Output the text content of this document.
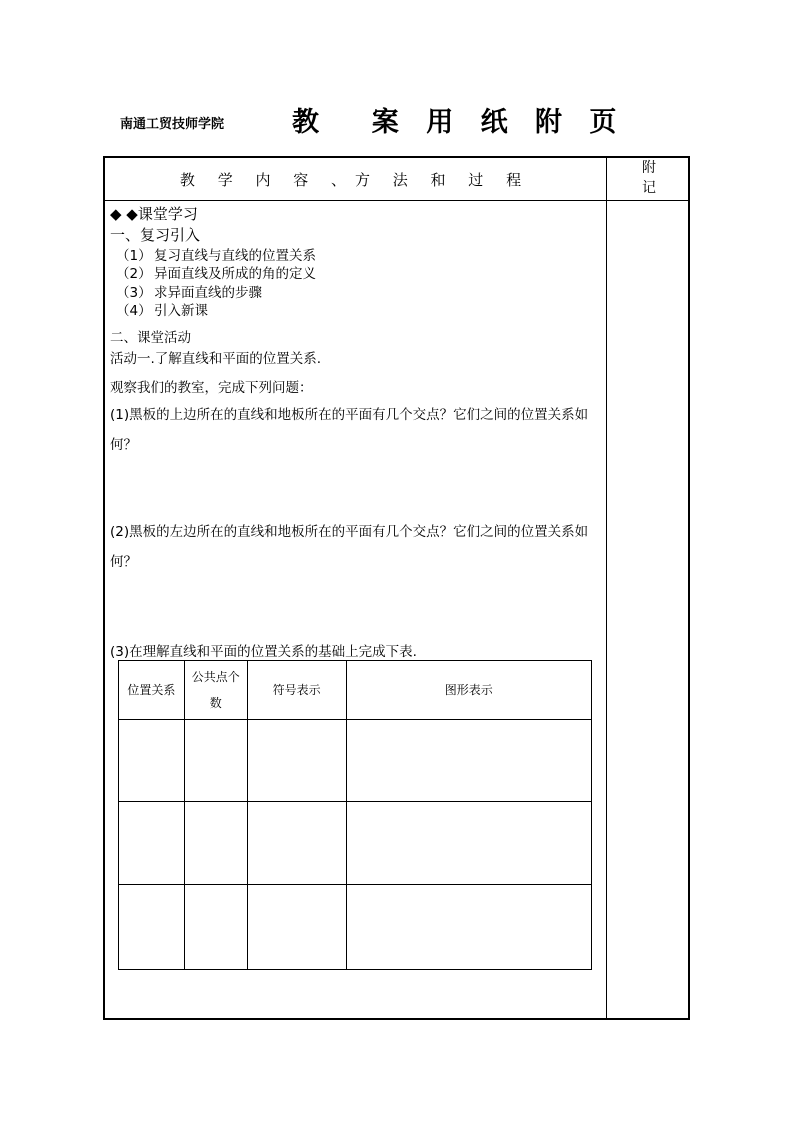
南通工贸技师学院	教  案 用 纸 附 页
教 学 内 容 、方 法 和 过 程
附
记
◆ ◆课堂学习
一、复习引入
（1） 复习直线与直线的位置关系
（2） 异面直线及所成的角的定义
（3） 求异面直线的步骤
（4） 引入新课
二、课堂活动
活动一.了解直线和平面的位置关系.
观察我们的教室，完成下列问题：
(1)黑板的上边所在的直线和地板所在的平面有几个交点？它们之间的位置关系如何？
(2)黑板的左边所在的直线和地板所在的平面有几个交点？它们之间的位置关系如何？
(3)在理解直线和平面的位置关系的基础上完成下表.
位置关系	公共点个数	符号表示	图形表示
